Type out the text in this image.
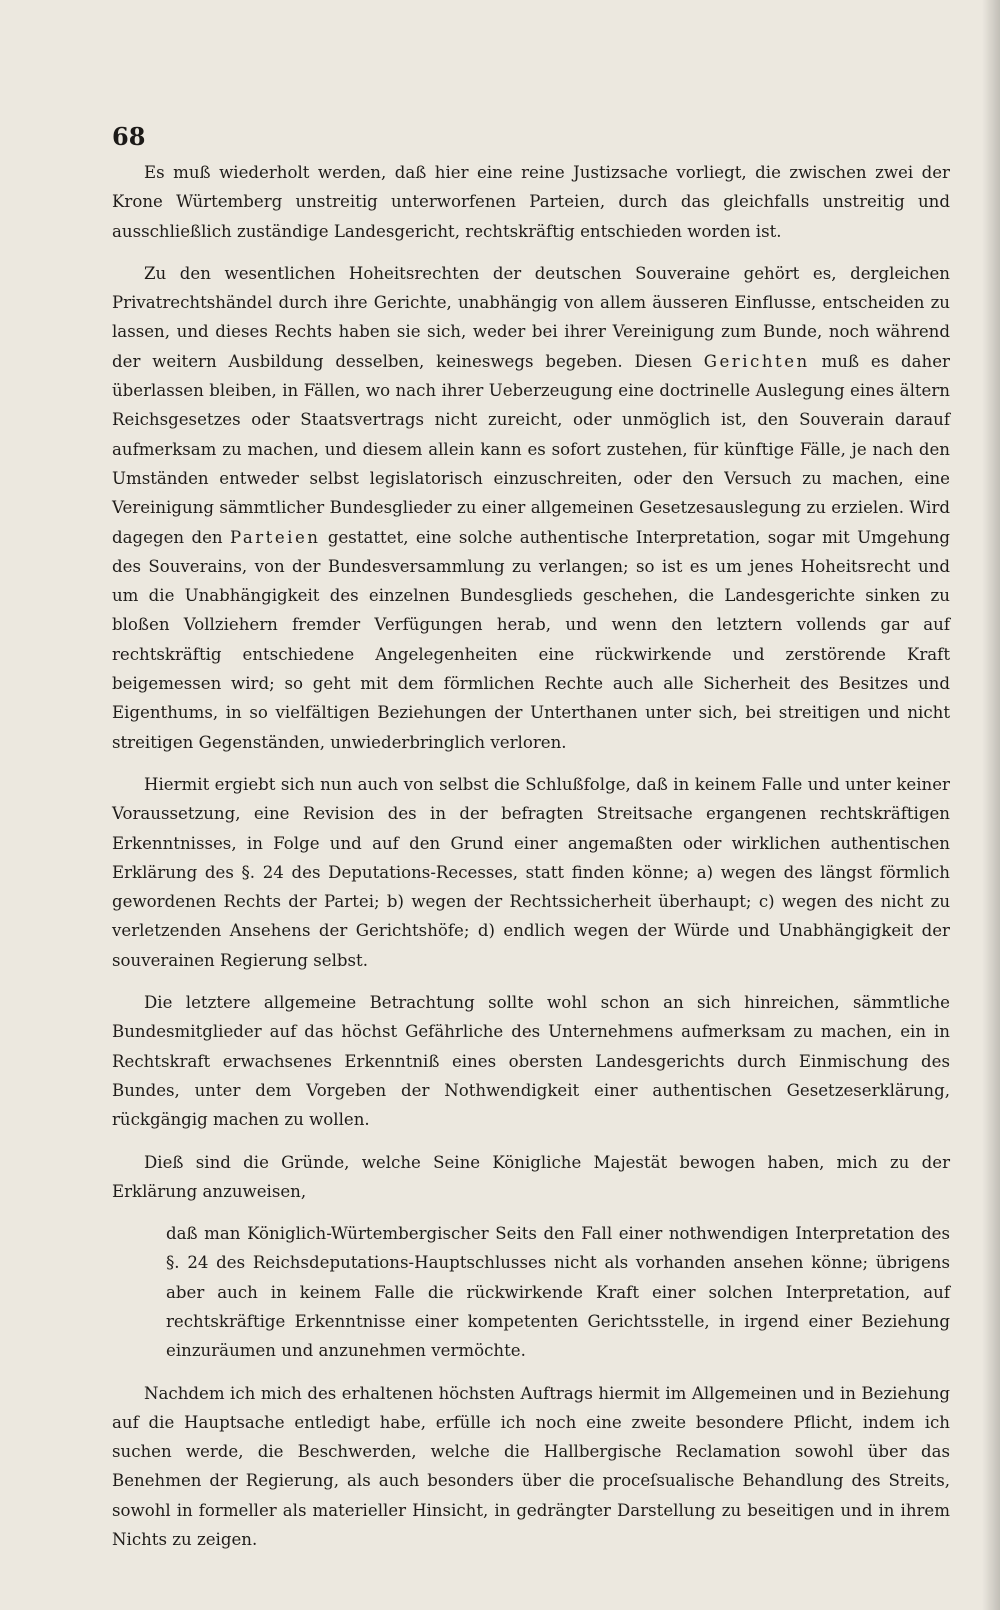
68

Es muß wiederholt werden, daß hier eine reine Justizsache vorliegt, die zwischen zwei der Krone Würtemberg unstreitig unterworfenen Parteien, durch das gleichfalls unstreitig und ausschließlich zuständige Landesgericht, rechtskräftig entschieden worden ist.

Zu den wesentlichen Hoheitsrechten der deutschen Souveraine gehört es, dergleichen Privatrechtshändel durch ihre Gerichte, unabhängig von allem äusseren Einflusse, entscheiden zu lassen, und dieses Rechts haben sie sich, weder bei ihrer Vereinigung zum Bunde, noch während der weitern Ausbildung desselben, keineswegs begeben. Diesen Gerichten muß es daher überlassen bleiben, in Fällen, wo nach ihrer Ueberzeugung eine doctrinelle Auslegung eines ältern Reichsgesetzes oder Staatsvertrags nicht zureicht, oder unmöglich ist, den Souverain darauf aufmerksam zu machen, und diesem allein kann es sofort zustehen, für künftige Fälle, je nach den Umständen entweder selbst legislatorisch einzuschreiten, oder den Versuch zu machen, eine Vereinigung sämmtlicher Bundesglieder zu einer allgemeinen Gesetzesauslegung zu erzielen. Wird dagegen den Parteien gestattet, eine solche authentische Interpretation, sogar mit Umgehung des Souverains, von der Bundesversammlung zu verlangen; so ist es um jenes Hoheitsrecht und um die Unabhängigkeit des einzelnen Bundesglieds geschehen, die Landesgerichte sinken zu bloßen Vollziehern fremder Verfügungen herab, und wenn den letztern vollends gar auf rechtskräftig entschiedene Angelegenheiten eine rückwirkende und zerstörende Kraft beigemessen wird; so geht mit dem förmlichen Rechte auch alle Sicherheit des Besitzes und Eigenthums, in so vielfältigen Beziehungen der Unterthanen unter sich, bei streitigen und nicht streitigen Gegenständen, unwiederbringlich verloren.

Hiermit ergiebt sich nun auch von selbst die Schlußfolge, daß in keinem Falle und unter keiner Voraussetzung, eine Revision des in der befragten Streitsache ergangenen rechtskräftigen Erkenntnisses, in Folge und auf den Grund einer angemaßten oder wirklichen authentischen Erklärung des §. 24 des Deputations-Recesses, statt finden könne; a) wegen des längst förmlich gewordenen Rechts der Partei; b) wegen der Rechtssicherheit überhaupt; c) wegen des nicht zu verletzenden Ansehens der Gerichtshöfe; d) endlich wegen der Würde und Unabhängigkeit der souverainen Regierung selbst.

Die letztere allgemeine Betrachtung sollte wohl schon an sich hinreichen, sämmtliche Bundesmitglieder auf das höchst Gefährliche des Unternehmens aufmerksam zu machen, ein in Rechtskraft erwachsenes Erkenntniß eines obersten Landesgerichts durch Einmischung des Bundes, unter dem Vorgeben der Nothwendigkeit einer authentischen Gesetzeserklärung, rückgängig machen zu wollen.

Dieß sind die Gründe, welche Seine Königliche Majestät bewogen haben, mich zu der Erklärung anzuweisen,

daß man Königlich-Würtembergischer Seits den Fall einer nothwendigen Interpretation des §. 24 des Reichsdeputations-Hauptschlusses nicht als vorhanden ansehen könne; übrigens aber auch in keinem Falle die rückwirkende Kraft einer solchen Interpretation, auf rechtskräftige Erkenntnisse einer kompetenten Gerichtsstelle, in irgend einer Beziehung einzuräumen und anzunehmen vermöchte.

Nachdem ich mich des erhaltenen höchsten Auftrags hiermit im Allgemeinen und in Beziehung auf die Hauptsache entledigt habe, erfülle ich noch eine zweite besondere Pflicht, indem ich suchen werde, die Beschwerden, welche die Hallbergische Reclamation sowohl über das Benehmen der Regierung, als auch besonders über die proceſsualische Behandlung des Streits, sowohl in formeller als materieller Hinsicht, in gedrängter Darstellung zu beseitigen und in ihrem Nichts zu zeigen.
